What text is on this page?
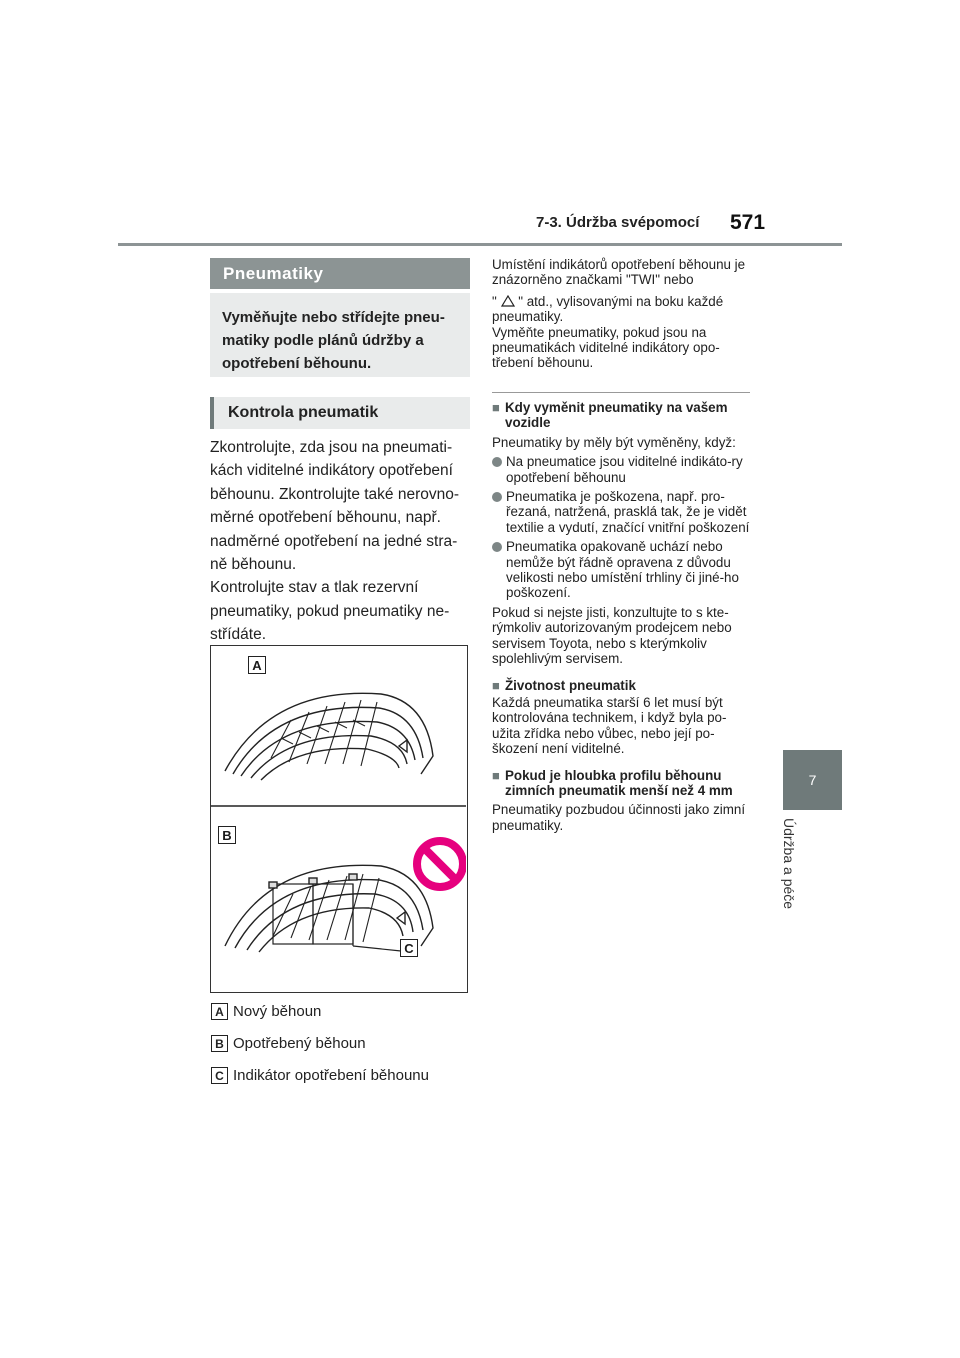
7-3. Údržba svépomocí 571
7
Údržba a péče
Pneumatiky
Vyměňujte nebo střídejte pneu-matiky podle plánů údržby a opotřebení běhounu.
Kontrola pneumatik

Zkontrolujte, zda jsou na pneumati-kách viditelné indikátory opotřebení běhounu. Zkontrolujte také nerovno-měrné opotřebení běhounu, např. nadměrné opotřebení na jedné stra-ně běhounu.

Kontrolujte stav a tlak rezervní pneumatiky, pokud pneumatiky ne-střídáte.

A
B
C
A Nový běhoun
B Opotřebený běhoun
C Indikátor opotřebení běhounu

Umístění indikátorů opotřebení běhounu je znázorněno značkami "TWI" nebo

" " atd., vylisovanými na boku každé pneumatiky.

Vyměňte pneumatiky, pokud jsou na pneumatikách viditelné indikátory opo-třebení běhounu.

■ Kdy vyměnit pneumatiky na vašem vozidle

Pneumatiky by měly být vyměněny, když:

Na pneumatice jsou viditelné indikáto-ry opotřebení běhounu
Pneumatika je poškozena, např. pro-řezaná, natržená, prasklá tak, že je vidět textilie a vydutí, značící vnitřní poškození
Pneumatika opakovaně uchází nebo nemůže být řádně opravena z důvodu velikosti nebo umístění trhliny či jiné-ho poškození.

Pokud si nejste jisti, konzultujte to s kte-rýmkoliv autorizovaným prodejcem nebo servisem Toyota, nebo s kterýmkoliv spolehlivým servisem.

■ Životnost pneumatik

Každá pneumatika starší 6 let musí být kontrolována technikem, i když byla po-užita zřídka nebo vůbec, nebo její po-škození není viditelné.

■ Pokud je hloubka profilu běhounu zimních pneumatik menší než 4 mm

Pneumatiky pozbudou účinnosti jako zimní pneumatiky.
